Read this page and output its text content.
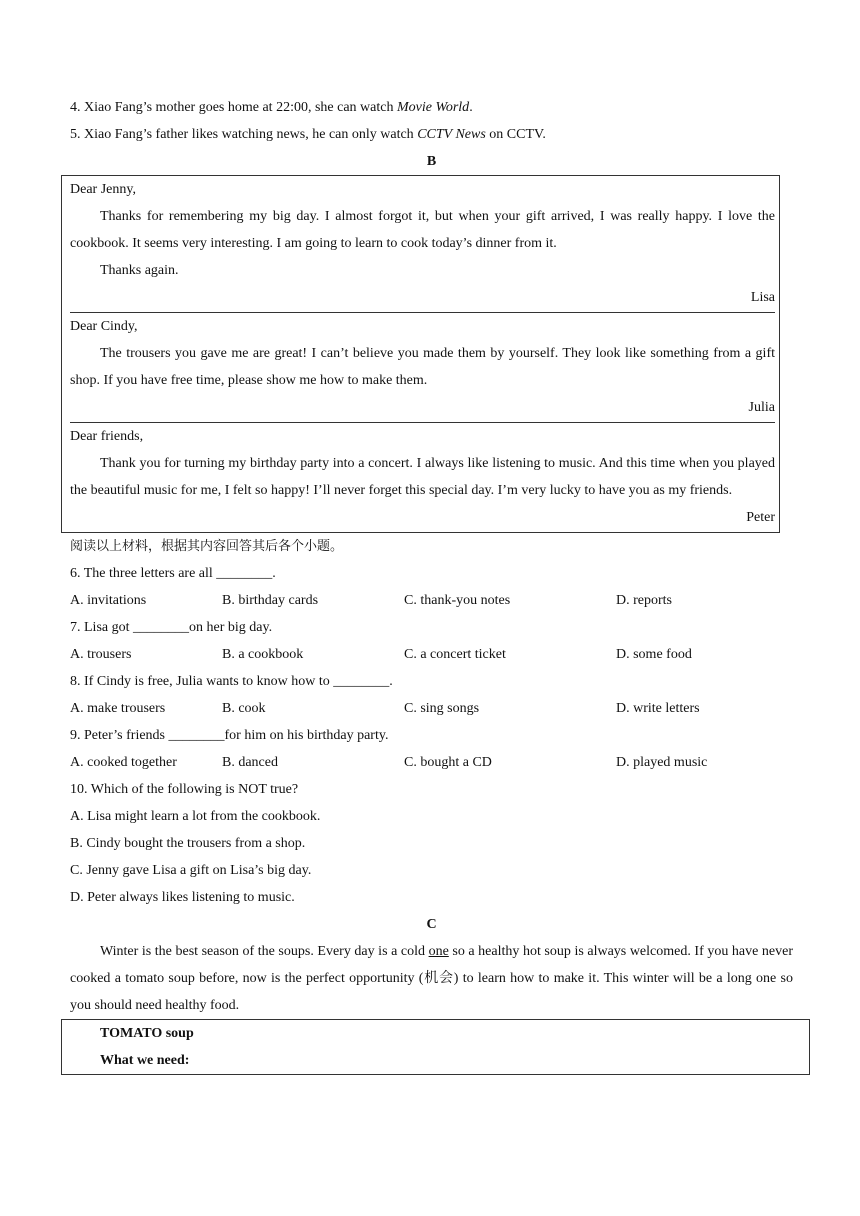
4. Xiao Fang’s mother goes home at 22:00, she can watch Movie World.
5. Xiao Fang’s father likes watching news, he can only watch CCTV News on CCTV.
B

Dear Jenny,

Thanks for remembering my big day. I almost forgot it, but when your gift arrived, I was really happy. I love the cookbook. It seems very interesting. I am going to learn to cook today’s dinner from it.

Thanks again.

Lisa

Dear Cindy,

The trousers you gave me are great! I can’t believe you made them by yourself. They look like something from a gift shop. If you have free time, please show me how to make them.

Julia

Dear friends,

Thank you for turning my birthday party into a concert. I always like listening to music. And this time when you played the beautiful music for me, I felt so happy! I’ll never forget this special day. I’m very lucky to have you as my friends.

Peter

阅读以上材料，根据其内容回答其后各个小题。
6. The three letters are all ________.
A. invitations	B. birthday cards	C. thank-you notes	D. reports
7. Lisa got ________on her big day.
A. trousers	B. a cookbook	C. a concert ticket	D. some food
8. If Cindy is free, Julia wants to know how to ________.
A. make trousers	B. cook	C. sing songs	D. write letters
9. Peter’s friends ________for him on his birthday party.
A. cooked together	B. danced	C. bought a CD	D. played music
10. Which of the following is NOT true?
A. Lisa might learn a lot from the cookbook.
B. Cindy bought the trousers from a shop.
C. Jenny gave Lisa a gift on Lisa’s big day.
D. Peter always likes listening to music.
C

Winter is the best season of the soups. Every day is a cold one so a healthy hot soup is always welcomed. If you have never cooked a tomato soup before, now is the perfect opportunity (机会) to learn how to make it. This winter will be a long one so you should need healthy food.

TOMATO soup
What we need:
